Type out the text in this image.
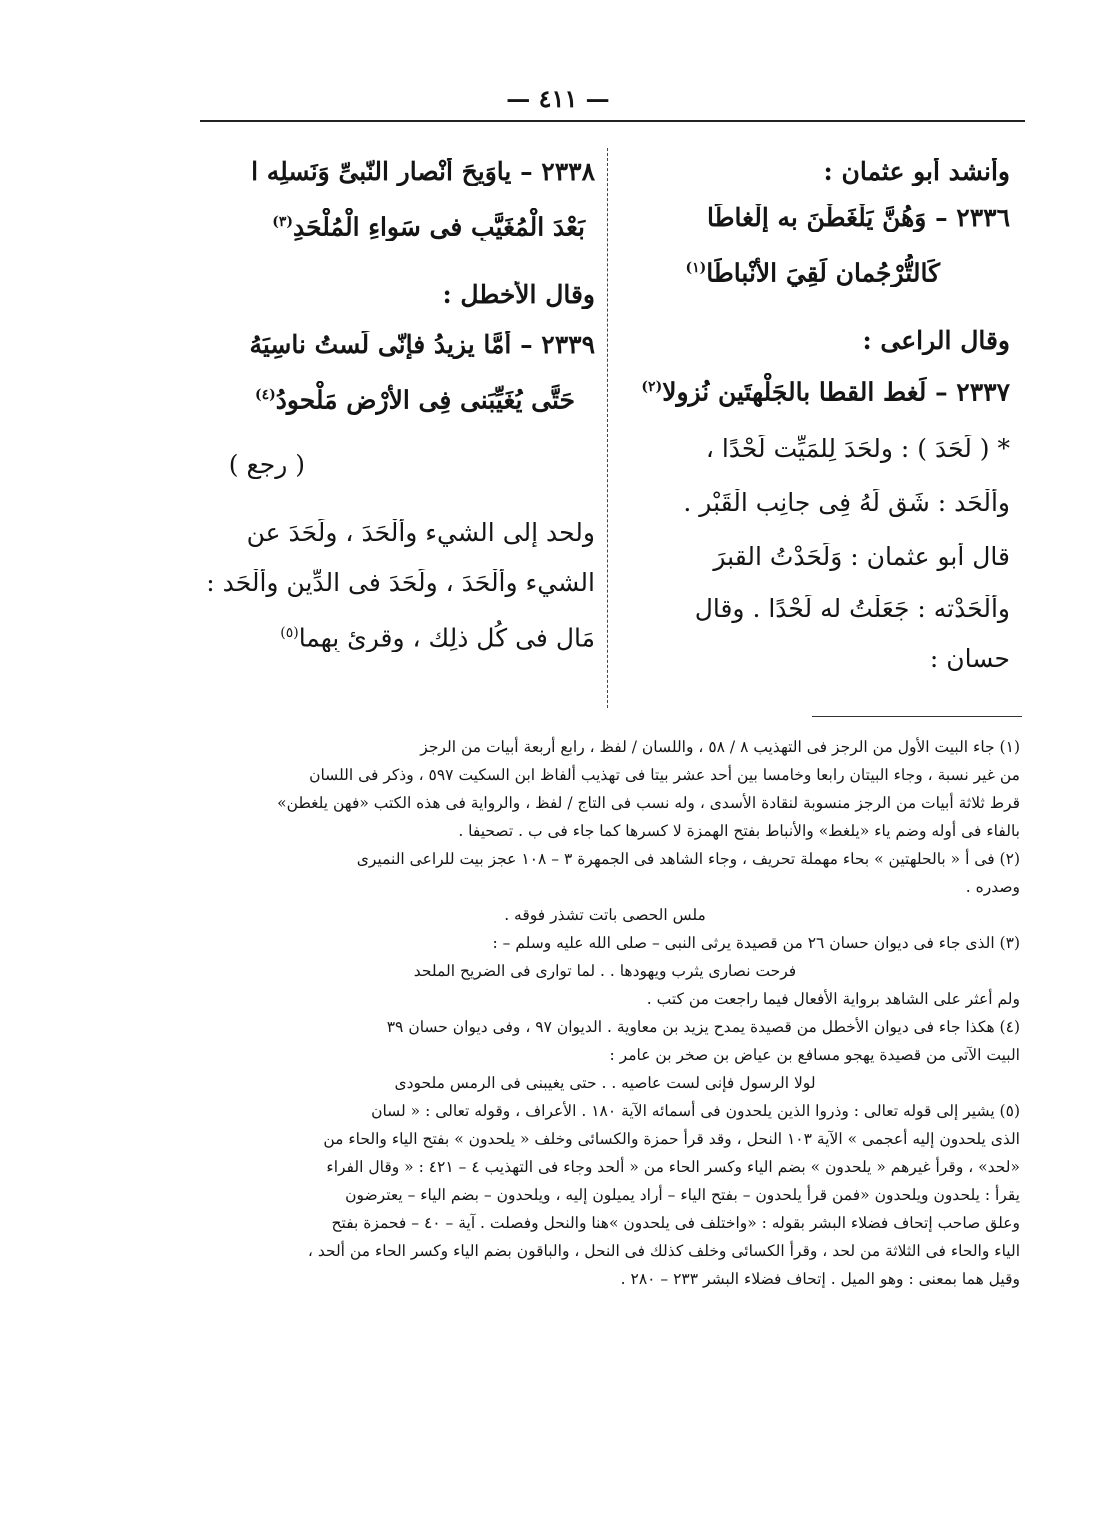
— ٤١١ —

وأنشد أبو عثمان :

٢٣٣٦ – وَهُنَّ يَلْغَطْنَ به إلْغاطَا

كَالتُّرْجُمان لَقِيَ الأنْباطَا$^{(١)}$

وقال الراعى :

٢٣٣٧ – لَغط القطا بالجَلْهتَين نُزولا$^{(٢)}$

* ( لَحَدَ ) : ولحَدَ لِلمَيِّت لَحْدًا ،

وألْحَد : شَق لَهُ فِى جانِب الْقَبْرِ .

قال أبو عثمان : وَلَحَدْتُ القبرَ

وأَلْحَدْته : جَعَلْتُ له لَحْدًا . وقال

حسان :

٢٣٣٨ – ياوَيحَ أنْصارِ النّبىِّ وَنَسلِه ا

بَعْدَ الْمُغَيَّبِ فى سَواءِ الْمُلْحَدِ$^{(٣)}$

وقال الأخطل :

٢٣٣٩ – أَمَّا يزيدُ فإنّى لَستُ ناسِيَهُ

حَتَّى يُغَيِّبَنى فِى الأرْضِ مَلْحودُ$^{(٤)}$

( رجع )

ولحد إلى الشيء وألْحَدَ ، ولَحَدَ عن

الشيء وألْحَدَ ، ولَحَدَ فى الدِّين وألْحَد :

مَال فى كُل ذلِك ، وقرِئ بِهما$^{(٥)}$

(١) جاء البيت الأول من الرجز فى التهذيب ٨ / ٥٨ ، واللسان / لفظ ، رابع أربعة أبيات من الرجز

من غير نسبة ، وجاء البيتان رابعا وخامسا بين أحد عشر بيتا فى تهذيب ألفاظ ابن السكيت ٥٩٧ ، وذكر فى اللسان

قرط ثلاثة أبيات من الرجز منسوبة لنقادة الأسدى ، وله نسب فى التاج / لفظ ، والرواية فى هذه الكتب «فهن يلغطن»

بالفاء فى أوله وضم ياء «يلغط» والأنباط بفتح الهمزة لا كسرها كما جاء فى ب . تصحيفا .

(٢) فى أ « بالحلهتين » بحاء مهملة تحريف ، وجاء الشاهد فى الجمهرة ٣ – ١٠٨ عجز بيت للراعى النميرى

وصدره .

ملس الحصى باتت تشذر فوقه .

(٣) الذى جاء فى ديوان حسان ٢٦ من قصيدة يرثى النبى – صلى الله عليه وسلم – :

فرحت نصارى يثرب ويهودها . . لما توارى فى الضريح الملحد

ولم أعثر على الشاهد برواية الأفعال فيما راجعت من كتب .

(٤) هكذا جاء فى ديوان الأخطل من قصيدة يمدح يزيد بن معاوية . الديوان ٩٧ ، وفى ديوان حسان ٣٩

البيت الآتى من قصيدة يهجو مسافع بن عياض بن صخر بن عامر :

لولا الرسول فإنى لست عاصيه . . حتى يغيبنى فى الرمس ملحودى

(٥) يشير إلى قوله تعالى : وذروا الذين يلحدون فى أسمائه الآية ١٨٠ . الأعراف ، وقوله تعالى : « لسان

الذى يلحدون إليه أعجمى » الآية ١٠٣ النحل ، وقد قرأ حمزة والكسائى وخلف « يلحدون » بفتح الياء والحاء من

«لحد» ، وقرأ غيرهم « يلحدون » بضم الياء وكسر الحاء من « ألحد وجاء فى التهذيب ٤ – ٤٢١ : « وقال الفراء

يقرأ : يلحدون ويلحدون «فمن قرأ يلحدون – بفتح الياء – أراد يميلون إليه ، ويلحدون – بضم الياء – يعترضون

وعلق صاحب إتحاف فضلاء البشر بقوله : «واختلف فى يلحدون »هنا والنحل وفصلت . آية – ٤٠ – فحمزة بفتح

الياء والحاء فى الثلاثة من لحد ، وقرأ الكسائى وخلف كذلك فى النحل ، والباقون بضم الياء وكسر الحاء من ألحد ،

وقيل هما بمعنى : وهو الميل . إتحاف فضلاء البشر ٢٣٣ – ٢٨٠ .
